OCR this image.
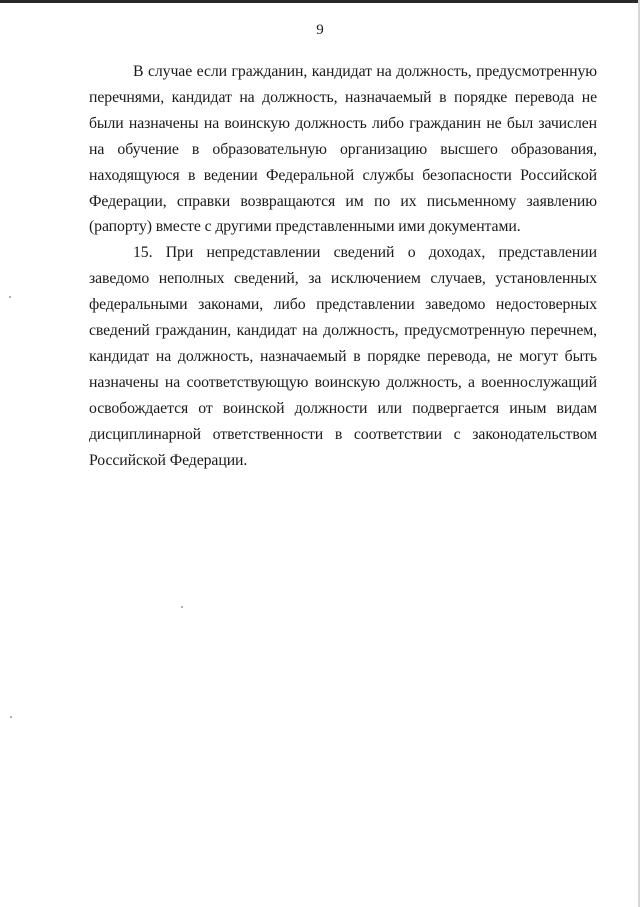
9

В случае если гражданин, кандидат на должность, предусмотренную перечнями, кандидат на должность, назначаемый в порядке перевода не были назначены на воинскую должность либо гражданин не был зачислен на обучение в образовательную организацию высшего образования, находящуюся в ведении Федеральной службы безопасности Российской Федерации, справки возвращаются им по их письменному заявлению (рапорту) вместе с другими представленными ими документами.

15. При непредставлении сведений о доходах, представлении заведомо неполных сведений, за исключением случаев, установленных федеральными законами, либо представлении заведомо недостоверных сведений гражданин, кандидат на должность, предусмотренную перечнем, кандидат на должность, назначаемый в порядке перевода, не могут быть назначены на соответствующую воинскую должность, а военнослужащий освобождается от воинской должности или подвергается иным видам дисциплинарной ответственности в соответствии с законодательством Российской Федерации.
